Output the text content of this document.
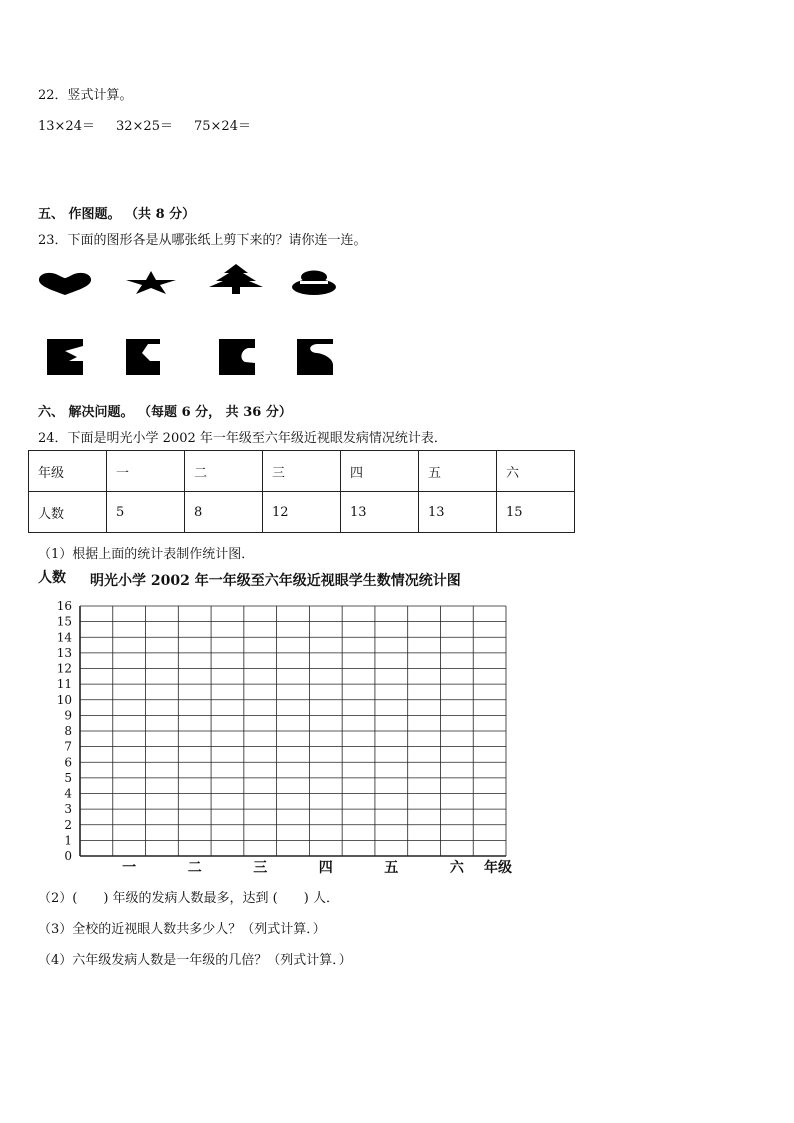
22．竖式计算。
13×24＝ 32×25＝ 75×24＝
五、 作图题。 （共 8 分）
23．下面的图形各是从哪张纸上剪下来的？请你连一连。
六、 解决问题。 （每题 6 分， 共 36 分）
24．下面是明光小学 2002 年一年级至六年级近视眼发病情况统计表．
年级	一	二	三	四	五	六
人数	5	8	12	13	13	15
（1）根据上面的统计表制作统计图．
人数 明光小学 2002 年一年级至六年级近视眼学生数情况统计图
0
1
2
3
4
5
6
7
8
9
10
11
12
13
14
15
16
一	二	三	四	五	六 年级
（2）(　　) 年级的发病人数最多，达到 (　　) 人．
（3）全校的近视眼人数共多少人？（列式计算．）
（4）六年级发病人数是一年级的几倍？（列式计算．）
